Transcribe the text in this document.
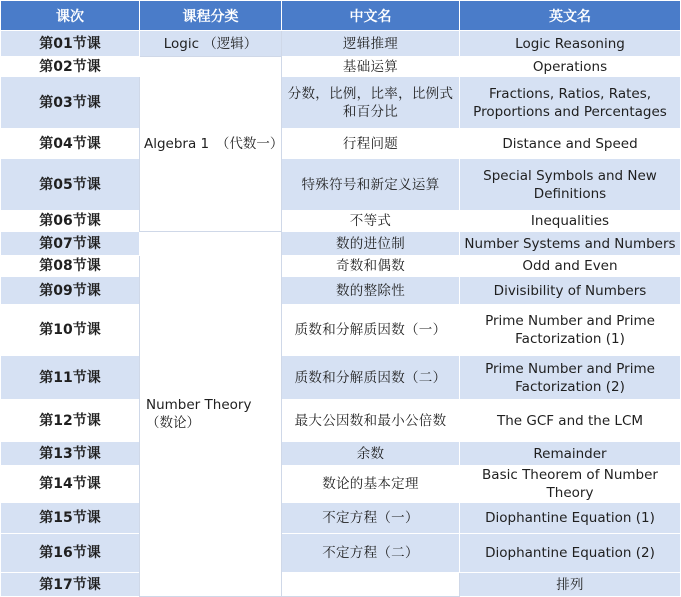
课次	课程分类	中文名	英文名	
第01节课	Logic （逻辑）	逻辑推理	Logic Reasoning	
第02节课	Algebra 1　（代数一）	基础运算	Operations	
第03节课		分数，比例，比率，比例式和百分比	Fractions, Ratios, Rates, Proportions and Percentages	
第04节课		行程问题	Distance and Speed	
第05节课		特殊符号和新定义运算	Special Symbols and New Definitions	
第06节课		不等式	Inequalities	
第07节课	Number Theory （数论）	数的进位制	Number Systems and Numbers	
第08节课		奇数和偶数	Odd and Even	
第09节课		数的整除性	Divisibility of Numbers	
第10节课		质数和分解质因数（一）	Prime Number and Prime Factorization (1)	
第11节课		质数和分解质因数（二）	Prime Number and Prime Factorization (2)	
第12节课		最大公因数和最小公倍数	The GCF and the LCM	
第13节课		余数	Remainder	
第14节课		数论的基本定理	Basic Theorem of Number Theory	
第15节课		不定方程（一）	Diophantine Equation (1)	
第16节课		不定方程（二）	Diophantine Equation (2)	
第17节课			排列	
